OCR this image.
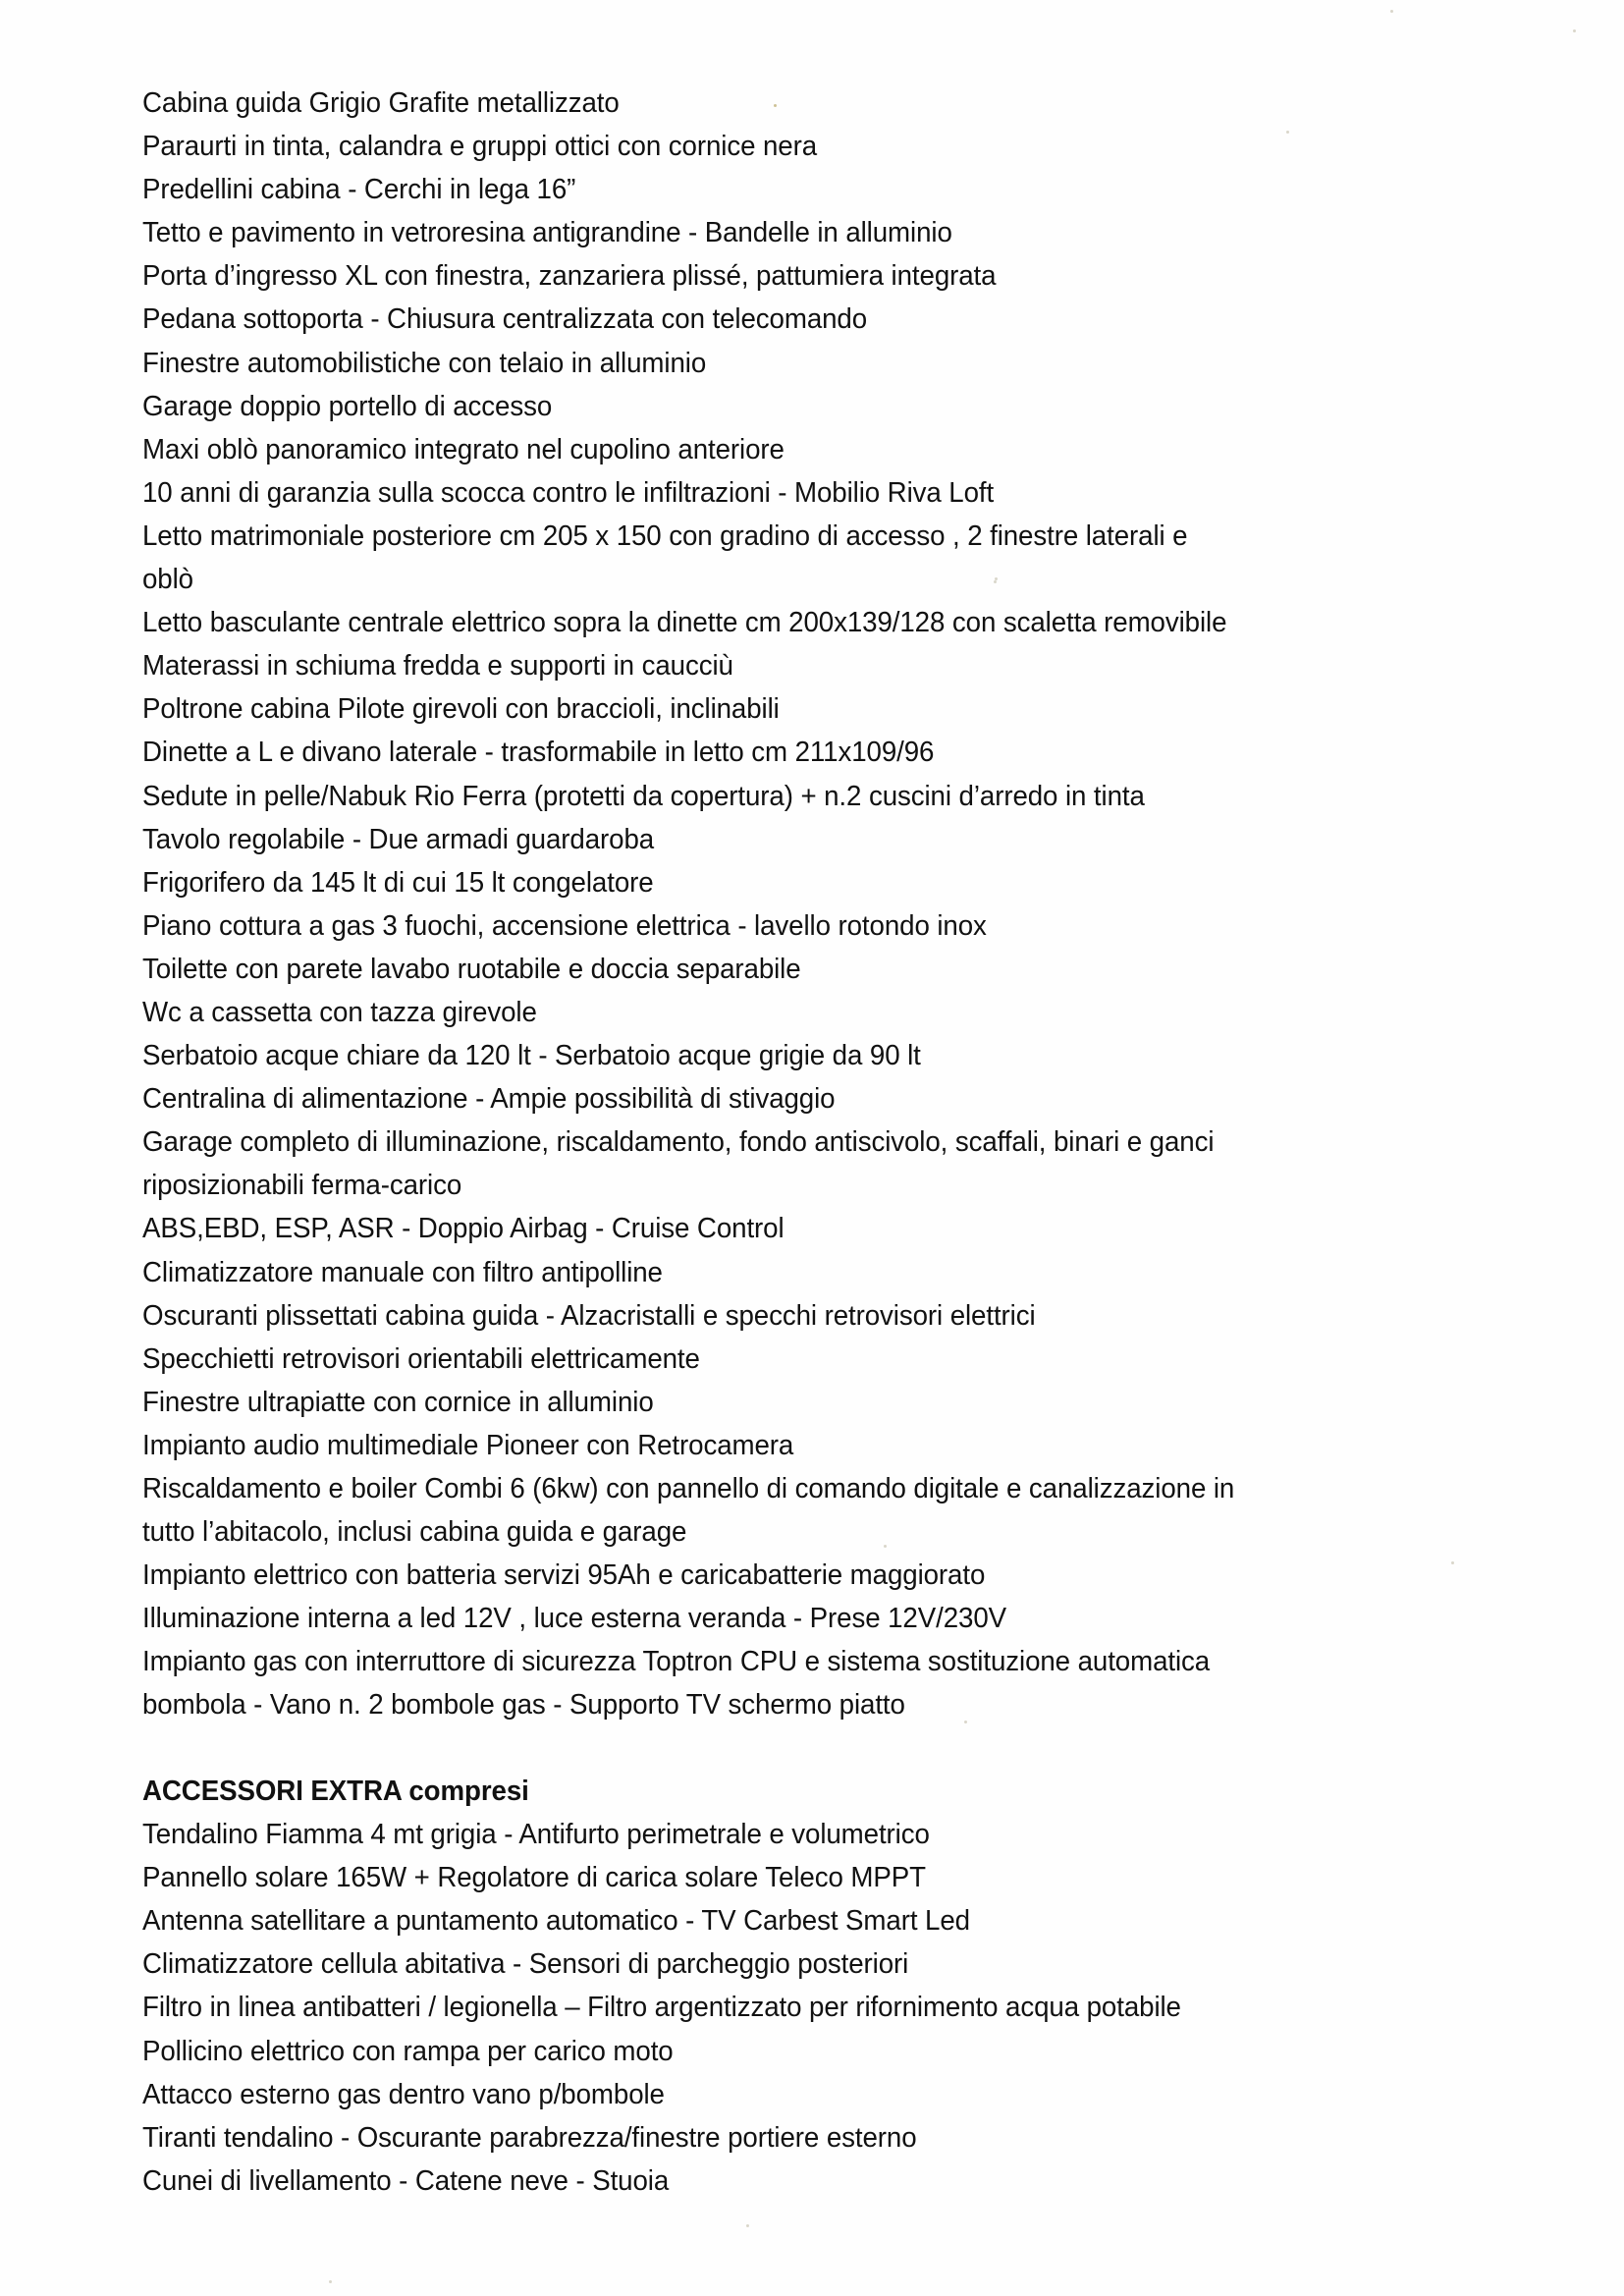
Cabina guida Grigio Grafite metallizzato
Paraurti in tinta, calandra e gruppi ottici con cornice nera
Predellini cabina - Cerchi in lega 16”
Tetto e pavimento in vetroresina antigrandine - Bandelle in alluminio
Porta d’ingresso XL con finestra, zanzariera plissé, pattumiera integrata
Pedana sottoporta - Chiusura centralizzata con telecomando
Finestre automobilistiche con telaio in alluminio
Garage doppio portello di accesso
Maxi oblò panoramico integrato nel cupolino anteriore
10 anni di garanzia sulla scocca contro le infiltrazioni - Mobilio Riva Loft
Letto matrimoniale posteriore cm 205 x 150 con gradino di accesso , 2 finestre laterali e
oblò
Letto basculante centrale elettrico sopra la dinette cm 200x139/128 con scaletta removibile
Materassi in schiuma fredda e supporti in caucciù
Poltrone cabina Pilote girevoli con braccioli, inclinabili
Dinette a L e divano laterale - trasformabile in letto cm 211x109/96
Sedute in pelle/Nabuk Rio Ferra (protetti da copertura) + n.2 cuscini d’arredo in tinta
Tavolo regolabile - Due armadi guardaroba
Frigorifero da 145 lt di cui 15 lt congelatore
Piano cottura a gas 3 fuochi, accensione elettrica - lavello rotondo inox
Toilette con parete lavabo ruotabile e doccia separabile
Wc a cassetta con tazza girevole
Serbatoio acque chiare da 120 lt - Serbatoio acque grigie da 90 lt
Centralina di alimentazione - Ampie possibilità di stivaggio
Garage completo di illuminazione, riscaldamento, fondo antiscivolo, scaffali, binari e ganci
riposizionabili ferma-carico
ABS,EBD, ESP, ASR - Doppio Airbag - Cruise Control
Climatizzatore manuale con filtro antipolline
Oscuranti plissettati cabina guida - Alzacristalli e specchi retrovisori elettrici
Specchietti retrovisori orientabili elettricamente
Finestre ultrapiatte con cornice in alluminio
Impianto audio multimediale Pioneer con Retrocamera
Riscaldamento e boiler Combi 6 (6kw) con pannello di comando digitale e canalizzazione in
tutto l’abitacolo, inclusi cabina guida e garage
Impianto elettrico con batteria servizi 95Ah e caricabatterie maggiorato
Illuminazione interna a led 12V , luce esterna veranda - Prese 12V/230V
Impianto gas con interruttore di sicurezza Toptron CPU e sistema sostituzione automatica
bombola - Vano n. 2 bombole gas - Supporto TV schermo piatto
ACCESSORI EXTRA compresi
Tendalino Fiamma 4 mt grigia - Antifurto perimetrale e volumetrico
Pannello solare 165W + Regolatore di carica solare Teleco MPPT
Antenna satellitare a puntamento automatico - TV Carbest Smart Led
Climatizzatore cellula abitativa - Sensori di parcheggio posteriori
Filtro in linea antibatteri / legionella – Filtro argentizzato per rifornimento acqua potabile
Pollicino elettrico con rampa per carico moto
Attacco esterno gas dentro vano p/bombole
Tiranti tendalino - Oscurante parabrezza/finestre portiere esterno
Cunei di livellamento - Catene neve - Stuoia
